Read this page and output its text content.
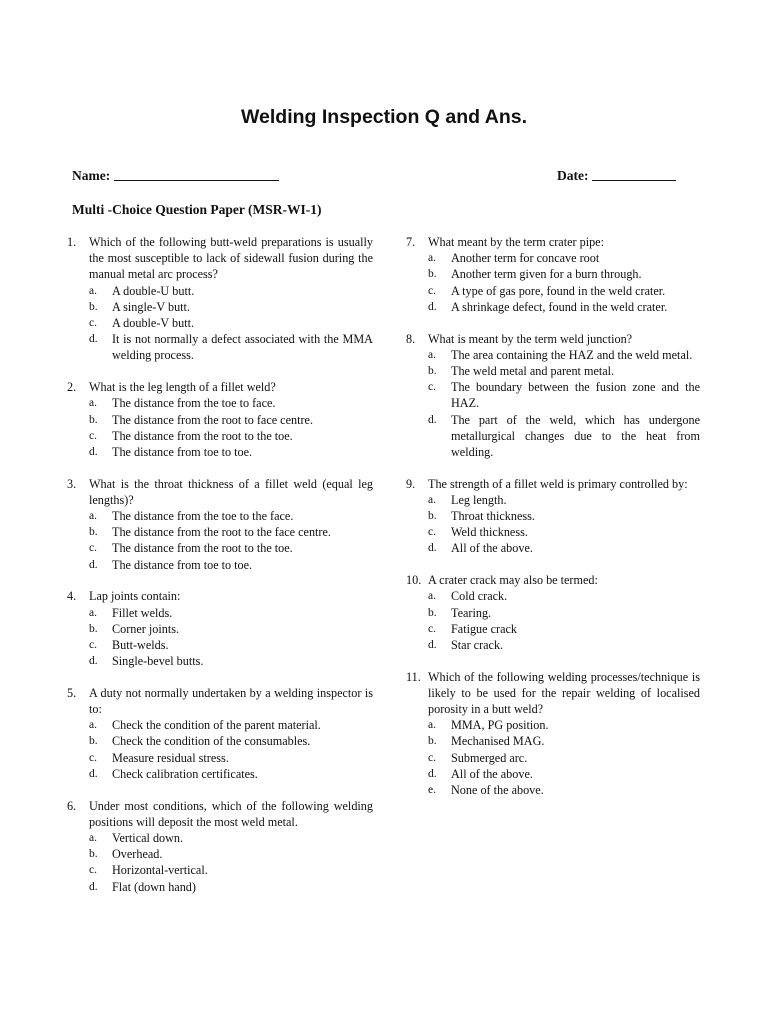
Welding Inspection Q and Ans.
Name:	Date:
Multi -Choice Question Paper (MSR-WI-1)
1. Which of the following butt-weld preparations is usually the most susceptible to lack of sidewall fusion during the manual metal arc process?
a. A double-U butt.
b. A single-V butt.
c. A double-V butt.
d. It is not normally a defect associated with the MMA welding process.
2. What is the leg length of a fillet weld?
a. The distance from the toe to face.
b. The distance from the root to face centre.
c. The distance from the root to the toe.
d. The distance from toe to toe.
3. What is the throat thickness of a fillet weld (equal leg lengths)?
a. The distance from the toe to the face.
b. The distance from the root to the face centre.
c. The distance from the root to the toe.
d. The distance from toe to toe.
4. Lap joints contain:
a. Fillet welds.
b. Corner joints.
c. Butt-welds.
d. Single-bevel butts.
5. A duty not normally undertaken by a welding inspector is to:
a. Check the condition of the parent material.
b. Check the condition of the consumables.
c. Measure residual stress.
d. Check calibration certificates.
6. Under most conditions, which of the following welding positions will deposit the most weld metal.
a. Vertical down.
b. Overhead.
c. Horizontal-vertical.
d. Flat (down hand)
7. What meant by the term crater pipe:
a. Another term for concave root
b. Another term given for a burn through.
c. A type of gas pore, found in the weld crater.
d. A shrinkage defect, found in the weld crater.
8. What is meant by the term weld junction?
a. The area containing the HAZ and the weld metal.
b. The weld metal and parent metal.
c. The boundary between the fusion zone and the HAZ.
d. The part of the weld, which has undergone metallurgical changes due to the heat from welding.
9. The strength of a fillet weld is primary controlled by:
a. Leg length.
b. Throat thickness.
c. Weld thickness.
d. All of the above.
10. A crater crack may also be termed:
a. Cold crack.
b. Tearing.
c. Fatigue crack
d. Star crack.
11. Which of the following welding processes/technique is likely to be used for the repair welding of localised porosity in a butt weld?
a. MMA, PG position.
b. Mechanised MAG.
c. Submerged arc.
d. All of the above.
e. None of the above.
